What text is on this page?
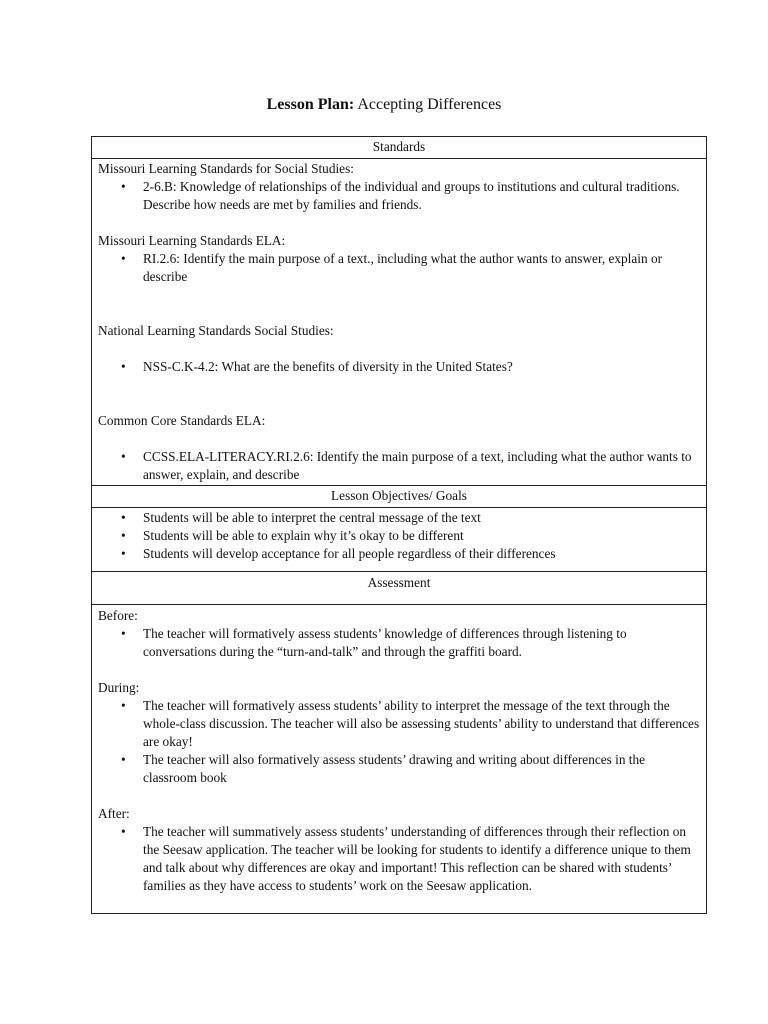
Lesson Plan: Accepting Differences
Standards

Missouri Learning Standards for Social Studies:

• 2-6.B: Knowledge of relationships of the individual and groups to institutions and cultural traditions. Describe how needs are met by families and friends.

Missouri Learning Standards ELA:

• RI.2.6: Identify the main purpose of a text., including what the author wants to answer, explain or describe

National Learning Standards Social Studies:

• NSS-C.K-4.2: What are the benefits of diversity in the United States?

Common Core Standards ELA:

• CCSS.ELA-LITERACY.RI.2.6: Identify the main purpose of a text, including what the author wants to answer, explain, and describe

Lesson Objectives/ Goals

• Students will be able to interpret the central message of the text
• Students will be able to explain why it’s okay to be different
• Students will develop acceptance for all people regardless of their differences

Assessment

Before:

• The teacher will formatively assess students’ knowledge of differences through listening to conversations during the “turn-and-talk” and through the graffiti board.

During:

• The teacher will formatively assess students’ ability to interpret the message of the text through the whole-class discussion. The teacher will also be assessing students’ ability to understand that differences are okay!
• The teacher will also formatively assess students’ drawing and writing about differences in the classroom book

After:

• The teacher will summatively assess students’ understanding of differences through their reflection on the Seesaw application. The teacher will be looking for students to identify a difference unique to them and talk about why differences are okay and important! This reflection can be shared with students’ families as they have access to students’ work on the Seesaw application.
